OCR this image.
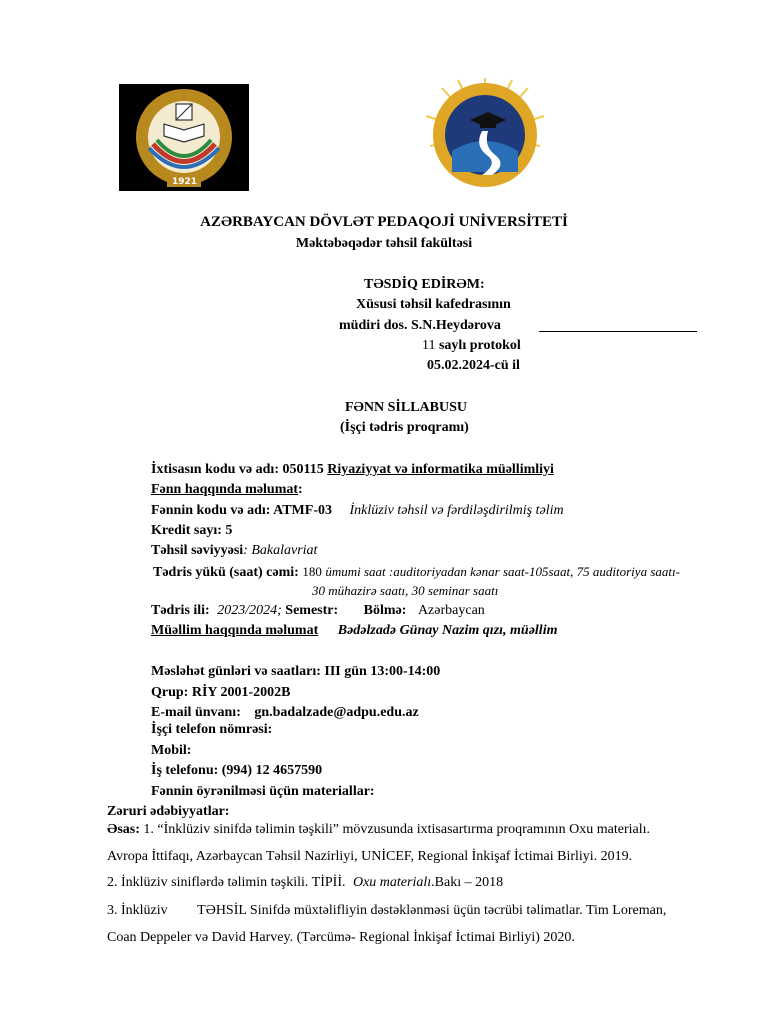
1921
AZƏRBAYCAN DÖVLƏT PEDAQOJİ UNİVERSİTETİ
Məktəbəqədər təhsil fakültəsi
TƏSDİQ EDİRƏM:
Xüsusi təhsil kafedrasının
müdiri dos. S.N.Heydərova
11 saylı protokol
05.02.2024-cü il
FƏNN SİLLABUSU
(İşçi tədris proqramı)
İxtisasın kodu və adı: 050115 Riyaziyyat və informatika müəllimliyi
Fənn haqqında məlumat:
Fənnin kodu və adı: ATMF-03 İnklüziv təhsil və fərdiləşdirilmiş təlim
Kredit sayı: 5
Təhsil səviyyəsi: Bakalavriat
Tədris yükü (saat) cəmi: 180 ümumi saat :auditoriyadan kənar saat-105saat, 75 auditoriya saatı-
30 mühazirə saatı, 30 seminar saatı
Tədris ili: 2023/2024; Semestr: Bölmə: Azərbaycan
Müəllim haqqında məlumat Bədəlzadə Günay Nazim qızı, müəllim
Məsləhət günləri və saatları: III gün 13:00-14:00
Qrup: RİY 2001-2002B
E-mail ünvanı: gn.badalzade@adpu.edu.az
İşçi telefon nömrəsi:
Mobil:
İş telefonu: (994) 12 4657590
Fənnin öyrənilməsi üçün materiallar:
Zəruri ədəbiyyatlar:
Əsas: 1. “İnklüziv sinifdə təlimin təşkili” mövzusunda ixtisasartırma proqramının Oxu materialı.
Avropa İttifaqı, Azərbaycan Təhsil Nazirliyi, UNİCEF, Regional İnkişaf İctimai Birliyi. 2019.
2. İnklüziv siniflərdə təlimin təşkili. TİPİİ. Oxu materialı.Bakı – 2018
3. İnklüziv TƏHSİL Sinifdə müxtəlifliyin dəstəklənməsi üçün təcrübi təlimatlar. Tim Loreman,
Coan Deppeler və David Harvey. (Tərcümə- Regional İnkişaf İctimai Birliyi) 2020.
